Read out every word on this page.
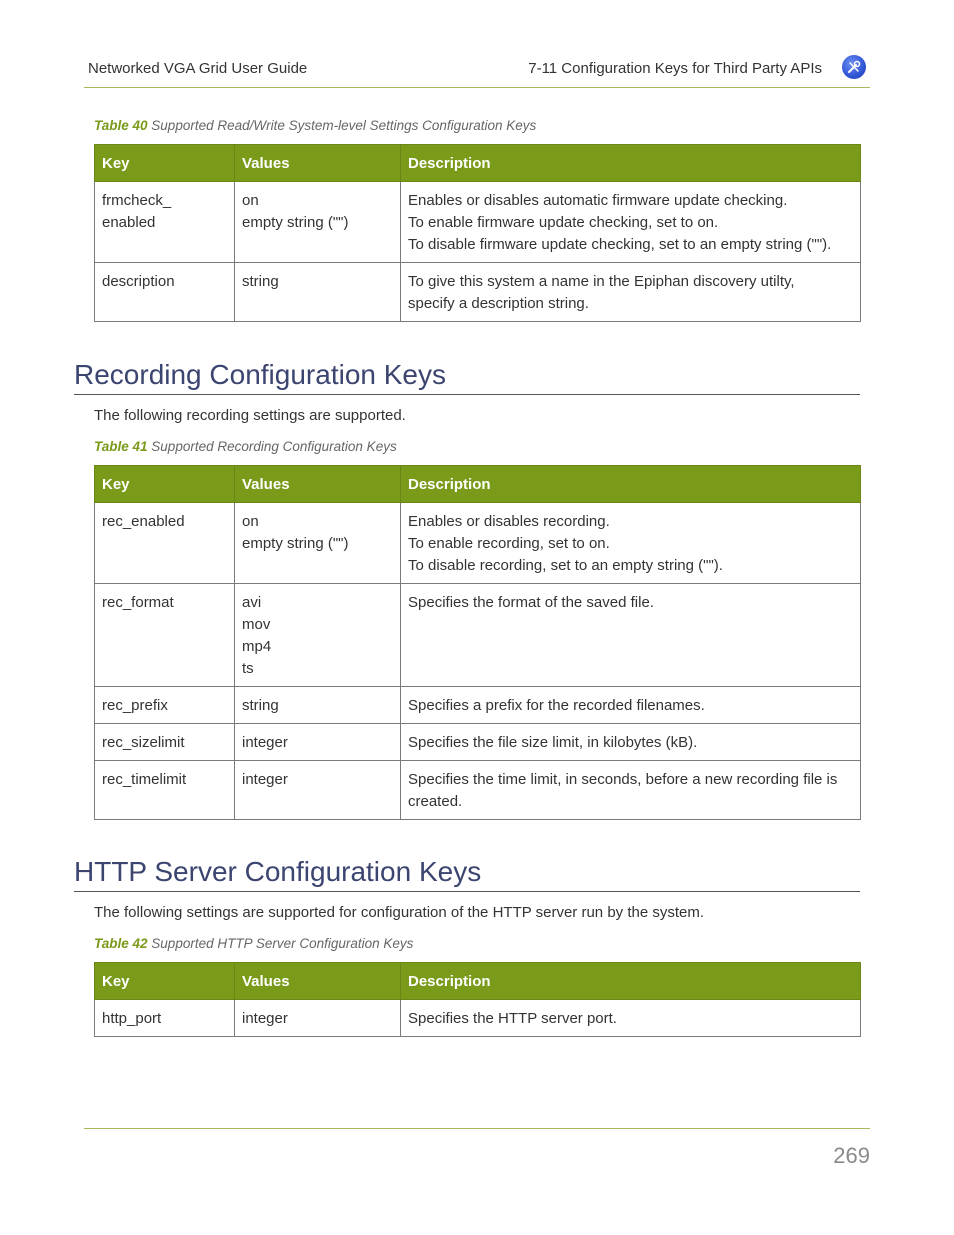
Networked VGA Grid User Guide	7-11 Configuration Keys for Third Party APIs
Table 40 Supported Read/Write System-level Settings Configuration Keys
Key	Values	Description

frmcheck_
enabled	on
empty string ("")	Enables or disables automatic firmware update checking.
To enable firmware update checking, set to on.
To disable firmware update checking, set to an empty string ("").

description	string	To give this system a name in the Epiphan discovery utilty,
specify a description string.
Recording Configuration Keys
The following recording settings are supported.
Table 41 Supported Recording Configuration Keys
Key	Values	Description

rec_enabled	on
empty string ("")	Enables or disables recording.
To enable recording, set to on.
To disable recording, set to an empty string ("").

rec_format	avi
mov
mp4
ts	Specifies the format of the saved file.

rec_prefix	string	Specifies a prefix for the recorded filenames.

rec_sizelimit	integer	Specifies the file size limit, in kilobytes (kB).

rec_timelimit	integer	Specifies the time limit, in seconds, before a new recording file is
created.
HTTP Server Configuration Keys
The following settings are supported for configuration of the HTTP server run by the system.
Table 42 Supported HTTP Server Configuration Keys
Key	Values	Description

http_port	integer	Specifies the HTTP server port.
269
